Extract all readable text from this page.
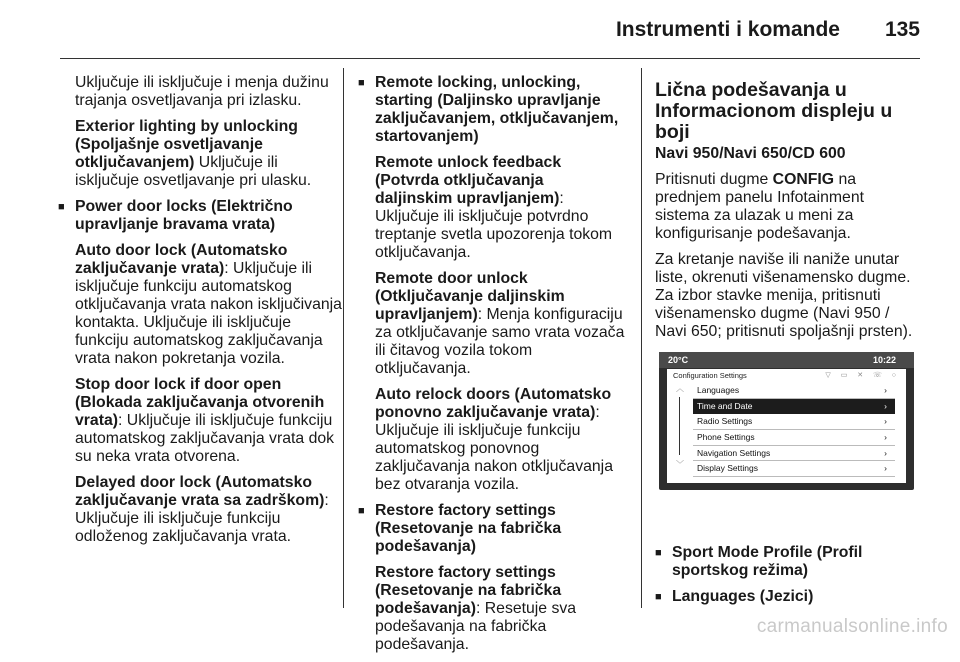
Instrumenti i komande 135

Uključuje ili isključuje i menja dužinu trajanja osvetljavanja pri izlasku.

Exterior lighting by unlocking (Spoljašnje osvetljavanje otključavanjem) Uključuje ili isključuje osvetljavanje pri ulasku.

■ Power door locks (Električno upravljanje bravama vrata)

Auto door lock (Automatsko zaključavanje vrata): Uključuje ili isključuje funkciju automatskog otključavanja vrata nakon isključivanja kontakta. Uključuje ili isključuje funkciju automatskog zaključavanja vrata nakon pokretanja vozila.

Stop door lock if door open (Blokada zaključavanja otvorenih vrata): Uključuje ili isključuje funkciju automatskog zaključavanja vrata dok su neka vrata otvorena.

Delayed door lock (Automatsko zaključavanje vrata sa zadrškom): Uključuje ili isključuje funkciju odloženog zaključavanja vrata.

■ Remote locking, unlocking, starting (Daljinsko upravljanje zaključavanjem, otključavanjem, startovanjem)

Remote unlock feedback (Potvrda otključavanja daljinskim upravljanjem): Uključuje ili isključuje potvrdno treptanje svetla upozorenja tokom otključavanja.

Remote door unlock (Otključavanje daljinskim upravljanjem): Menja konfiguraciju za otključavanje samo vrata vozača ili čitavog vozila tokom otključavanja.

Auto relock doors (Automatsko ponovno zaključavanje vrata): Uključuje ili isključuje funkciju automatskog ponovnog zaključavanja nakon otključavanja bez otvaranja vozila.

■ Restore factory settings (Resetovanje na fabrička podešavanja)

Restore factory settings (Resetovanje na fabrička podešavanja): Resetuje sva podešavanja na fabrička podešavanja.

Lična podešavanja u Informacionom displeju u boji
Navi 950/Navi 650/CD 600

Pritisnuti dugme CONFIG na prednjem panelu Infotainment sistema za ulazak u meni za konfigurisanje podešavanja.

Za kretanje naviše ili naniže unutar liste, okrenuti višenamensko dugme. Za izbor stavke menija, pritisnuti višenamensko dugme (Navi 950 / Navi 650; pritisnuti spoljašnji prsten).

20°C	10:22
Configuration Settings	▽ ▭ ✕ ☏ ○
︿
﹀
Languages	›
Time and Date	›
Radio Settings	›
Phone Settings	›
Navigation Settings	›
Display Settings	›

■ Sport Mode Profile (Profil sportskog režima)

■ Languages (Jezici)

carmanualsonline.info
